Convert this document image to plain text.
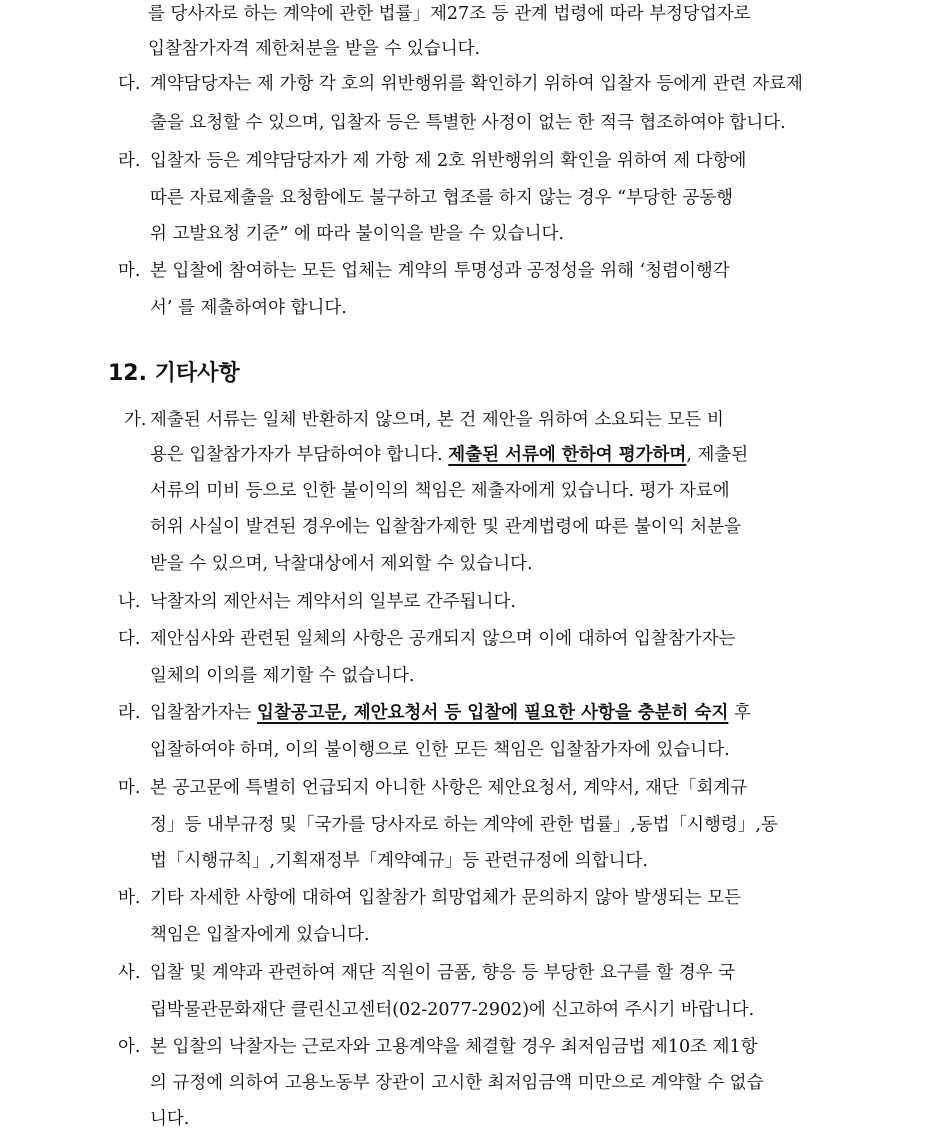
를 당사자로 하는 계약에 관한 법률」제27조 등 관계 법령에 따라 부정당업자로
입찰참가자격 제한처분을 받을 수 있습니다.
다. 계약담당자는 제 가항 각 호의 위반행위를 확인하기 위하여 입찰자 등에게 관련 자료제
출을 요청할 수 있으며, 입찰자 등은 특별한 사정이 없는 한 적극 협조하여야 합니다.
라. 입찰자 등은 계약담당자가 제 가항 제 2호 위반행위의 확인을 위하여 제 다항에
따른 자료제출을 요청함에도 불구하고 협조를 하지 않는 경우 “부당한 공동행
위 고발요청 기준” 에 따라 불이익을 받을 수 있습니다.
마. 본 입찰에 참여하는 모든 업체는 계약의 투명성과 공정성을 위해 ‘청렴이행각
서’ 를 제출하여야 합니다.
12. 기타사항
가. 제출된 서류는 일체 반환하지 않으며, 본 건 제안을 위하여 소요되는 모든 비
용은 입찰참가자가 부담하여야 합니다. 제출된 서류에 한하여 평가하며, 제출된
서류의 미비 등으로 인한 불이익의 책임은 제출자에게 있습니다. 평가 자료에
허위 사실이 발견된 경우에는 입찰참가제한 및 관계법령에 따른 불이익 처분을
받을 수 있으며, 낙찰대상에서 제외할 수 있습니다.
나. 낙찰자의 제안서는 계약서의 일부로 간주됩니다.
다. 제안심사와 관련된 일체의 사항은 공개되지 않으며 이에 대하여 입찰참가자는
일체의 이의를 제기할 수 없습니다.
라. 입찰참가자는 입찰공고문, 제안요청서 등 입찰에 필요한 사항을 충분히 숙지 후
입찰하여야 하며, 이의 불이행으로 인한 모든 책임은 입찰참가자에 있습니다.
마. 본 공고문에 특별히 언급되지 아니한 사항은 제안요청서, 계약서, 재단「회계규
정」등 내부규정 및「국가를 당사자로 하는 계약에 관한 법률」,동법「시행령」,동
법「시행규칙」,기획재정부「계약예규」등 관련규정에 의합니다.
바. 기타 자세한 사항에 대하여 입찰참가 희망업체가 문의하지 않아 발생되는 모든
책임은 입찰자에게 있습니다.
사. 입찰 및 계약과 관련하여 재단 직원이 금품, 향응 등 부당한 요구를 할 경우 국
립박물관문화재단 클린신고센터(02-2077-2902)에 신고하여 주시기 바랍니다.
아. 본 입찰의 낙찰자는 근로자와 고용계약을 체결할 경우 최저임금법 제10조 제1항
의 규정에 의하여 고용노동부 장관이 고시한 최저임금액 미만으로 계약할 수 없습
니다.
